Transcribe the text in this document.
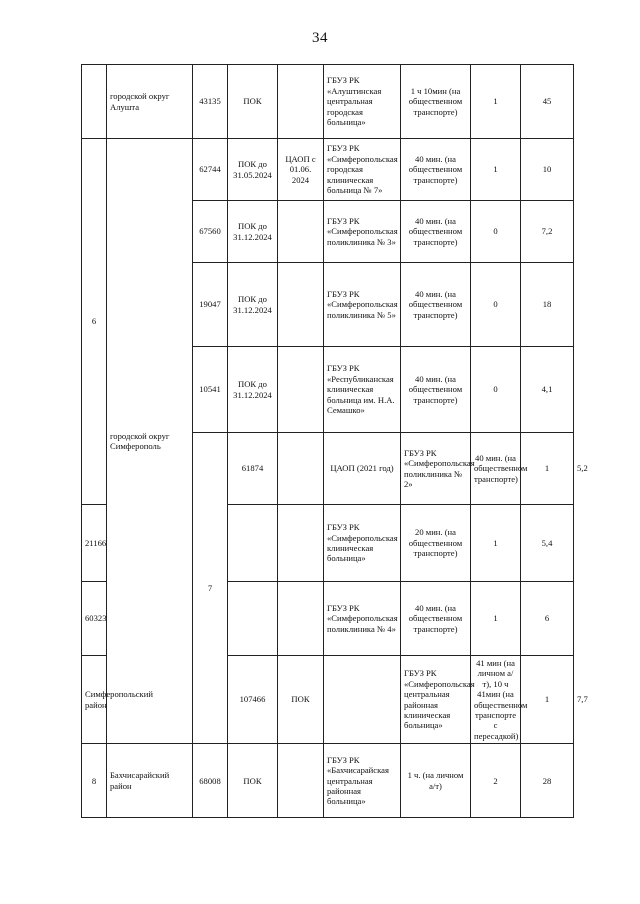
34
	городской округ Алушта	43135	ПОК		ГБУЗ РК «Алуштинская центральная городская больница»	1 ч 10мин (на общественном транспорте)	1	45	
6	городской округ Симферополь	62744	ПОК до 31.05.2024	ЦАОП с 01.06. 2024	ГБУЗ РК «Симферопольская городская клиническая больница № 7»	40 мин. (на общественном транспорте)	1	10	
		67560	ПОК до 31.12.2024		ГБУЗ РК «Симферопольская поликлиника № 3»	40 мин. (на общественном транспорте)	0	7,2	
		19047	ПОК до 31.12.2024		ГБУЗ РК «Симферопольская поликлиника № 5»	40 мин. (на общественном транспорте)	0	18	
		10541	ПОК до 31.12.2024		ГБУЗ РК «Республиканская клиническая больница им. Н.А. Семашко»	40 мин. (на общественном транспорте)	0	4,1	
		7	61874		ЦАОП (2021 год)	ГБУЗ РК «Симферопольская поликлиника № 2»	40 мин. (на общественном транспорте)	1	5,2
21166					ГБУЗ РК «Симферопольская клиническая больница»	20 мин. (на общественном транспорте)	1	5,4	
60323					ГБУЗ РК «Симферопольская поликлиника № 4»	40 мин. (на общественном транспорте)	1	6	
Симферопольский район			107466	ПОК		ГБУЗ РК «Симферопольская центральная районная клиническая больница»	41 мин (на личном а/т), 10 ч 41мин (на общественном транспорте с пересадкой)	1	7,7
8	Бахчисарайский район	68008	ПОК		ГБУЗ РК «Бахчисарайская центральная районная больница»	1 ч. (на личном а/т)	2	28	
